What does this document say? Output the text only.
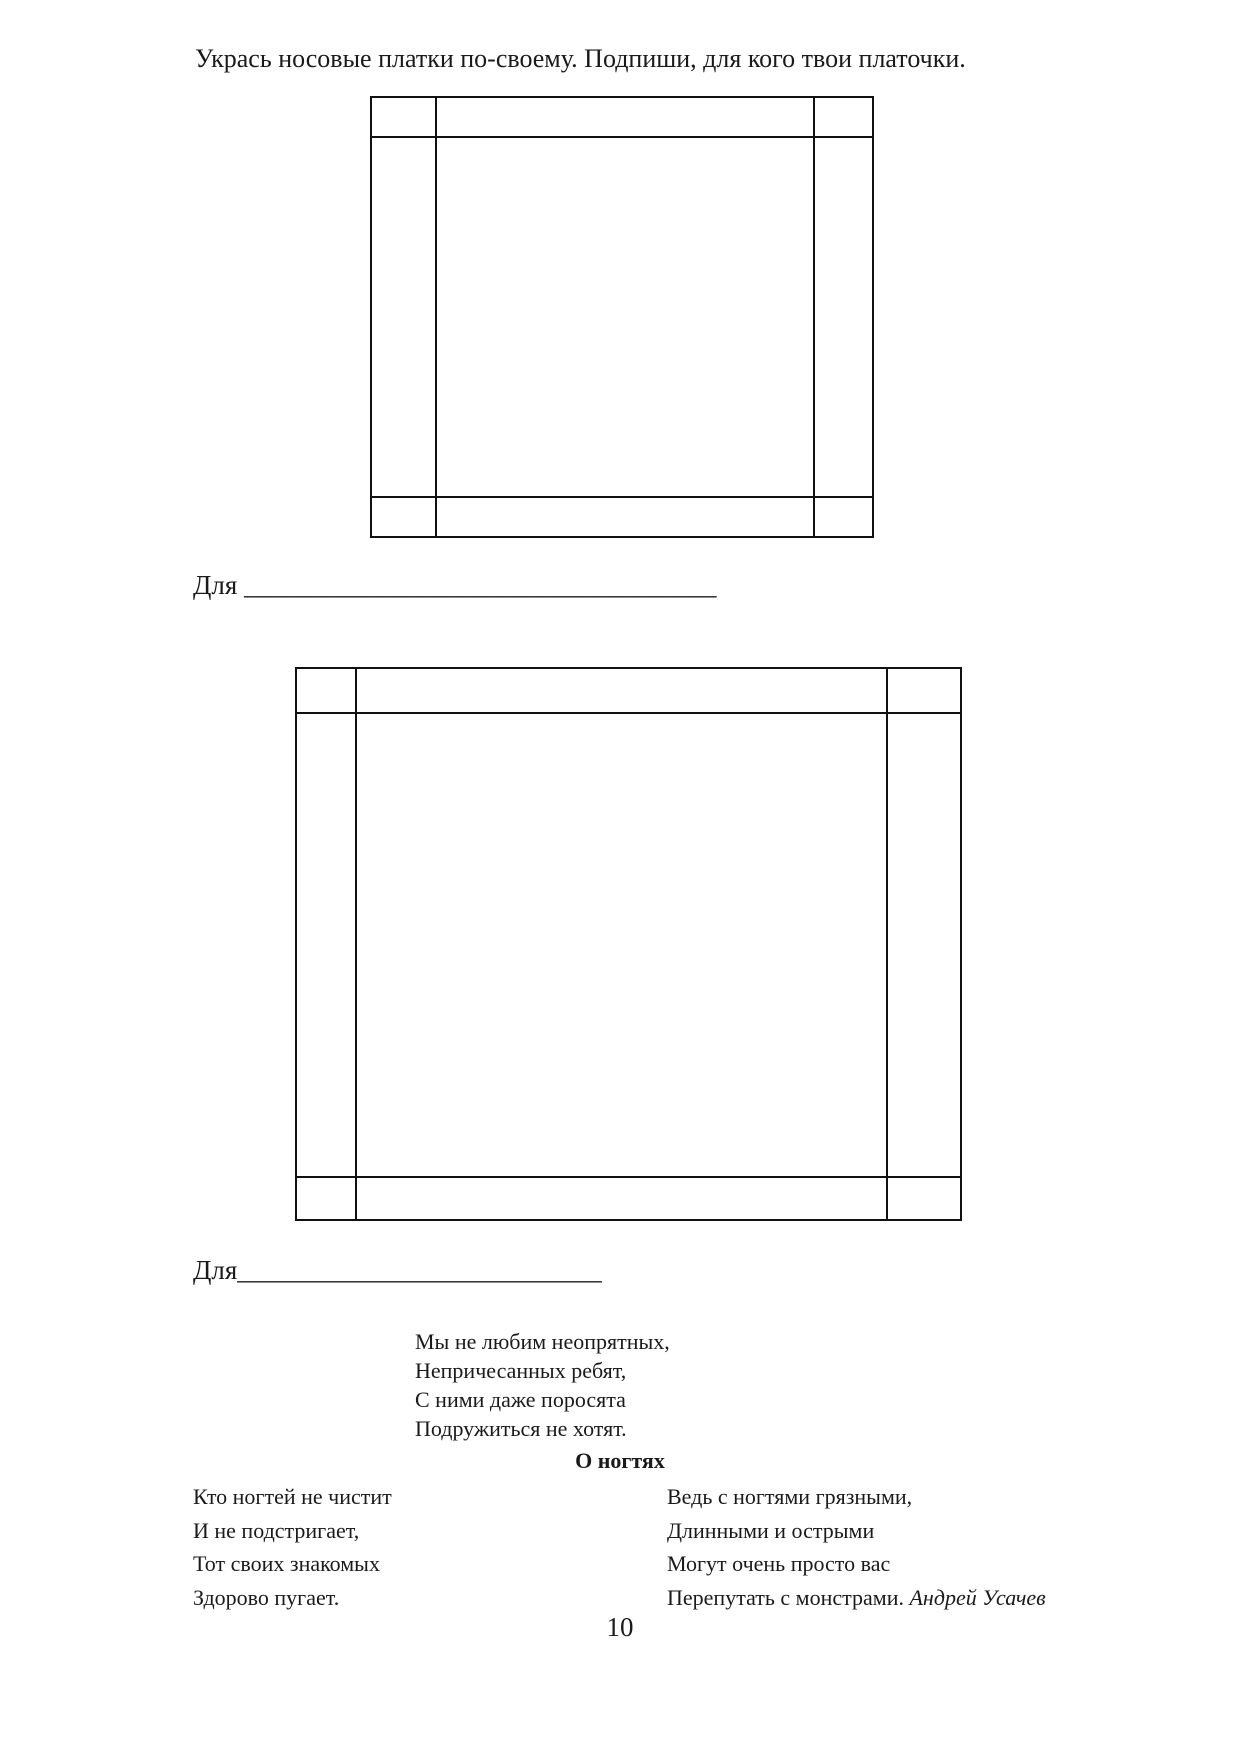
Укрась носовые платки по-своему. Подпиши, для кого твои платочки.
Для ___________________________________
Для___________________________
Мы не любим неопрятных,
Непричесанных ребят,
С ними даже поросята
Подружиться не хотят.
О ногтях
Кто ногтей не чистит
И не подстригает,
Тот своих знакомых
Здорово пугает.
Ведь с ногтями грязными,
Длинными и острыми
Могут очень просто вас
Перепутать с монстрами. Андрей Усачев
10
